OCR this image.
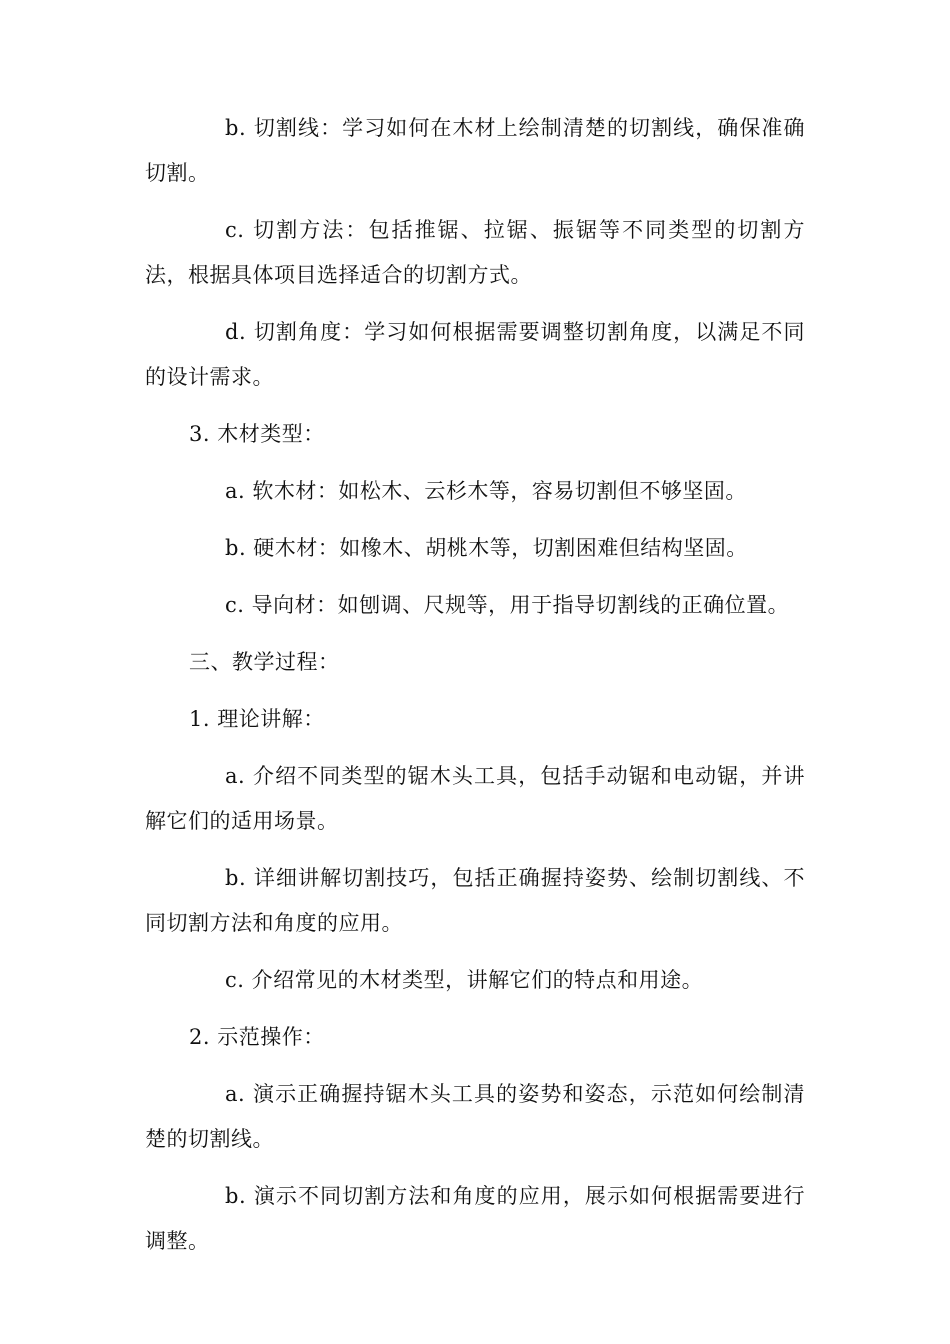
b. 切割线：学习如何在木材上绘制清楚的切割线，确保准确切割。

c. 切割方法：包括推锯、拉锯、振锯等不同类型的切割方法，根据具体项目选择适合的切割方式。

d. 切割角度：学习如何根据需要调整切割角度，以满足不同的设计需求。

3. 木材类型：

a. 软木材：如松木、云杉木等，容易切割但不够坚固。

b. 硬木材：如橡木、胡桃木等，切割困难但结构坚固。

c. 导向材：如刨调、尺规等，用于指导切割线的正确位置。

三、教学过程：

1. 理论讲解：

a. 介绍不同类型的锯木头工具，包括手动锯和电动锯，并讲解它们的适用场景。

b. 详细讲解切割技巧，包括正确握持姿势、绘制切割线、不同切割方法和角度的应用。

c. 介绍常见的木材类型，讲解它们的特点和用途。

2. 示范操作：

a. 演示正确握持锯木头工具的姿势和姿态，示范如何绘制清楚的切割线。

b. 演示不同切割方法和角度的应用，展示如何根据需要进行调整。
